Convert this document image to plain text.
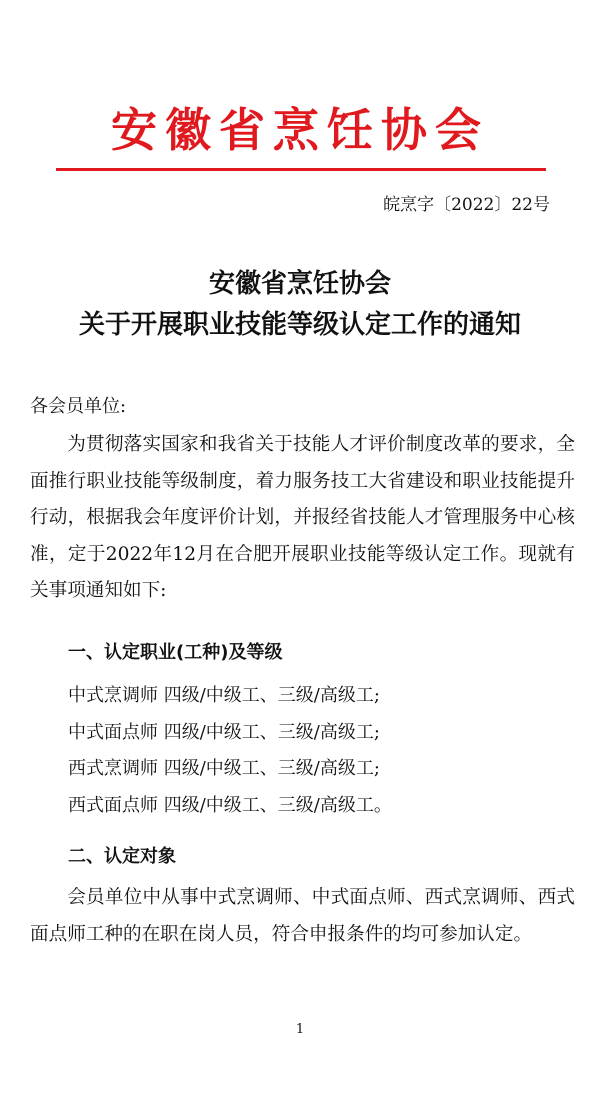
安徽省烹饪协会
皖烹字〔2022〕22号
安徽省烹饪协会
关于开展职业技能等级认定工作的通知
各会员单位:
为贯彻落实国家和我省关于技能人才评价制度改革的要求，全面推行职业技能等级制度，着力服务技工大省建设和职业技能提升行动，根据我会年度评价计划，并报经省技能人才管理服务中心核准，定于2022年12月在合肥开展职业技能等级认定工作。现就有关事项通知如下:
一、认定职业(工种)及等级
中式烹调师 四级/中级工、三级/高级工;
中式面点师 四级/中级工、三级/高级工;
西式烹调师 四级/中级工、三级/高级工;
西式面点师 四级/中级工、三级/高级工。
二、认定对象
会员单位中从事中式烹调师、中式面点师、西式烹调师、西式面点师工种的在职在岗人员，符合申报条件的均可参加认定。
1
